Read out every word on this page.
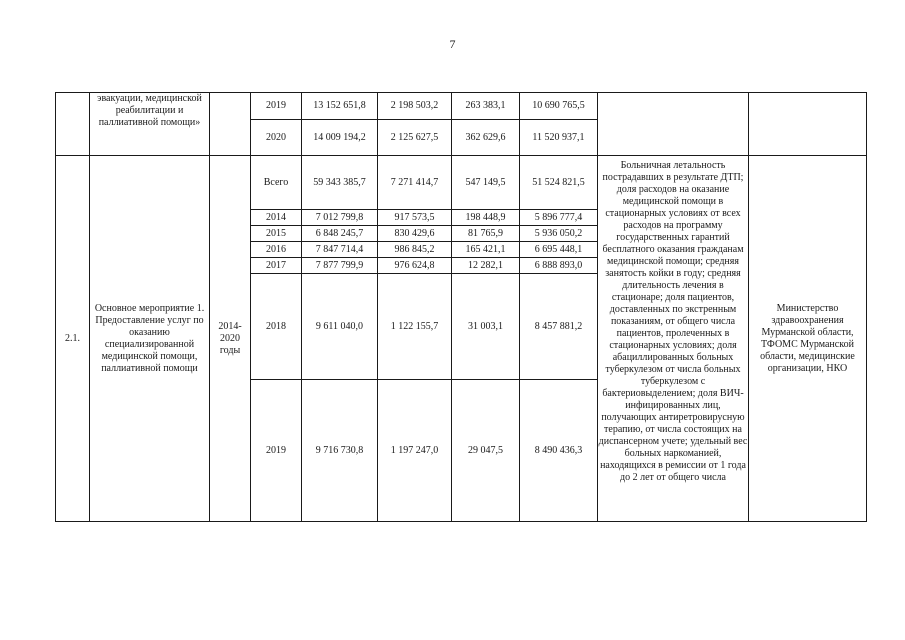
7
	эвакуации, медицинской реабилитации и паллиативной помощи»		2019	13 152 651,8	2 198 503,2	263 383,1	10 690 765,5		
			2020	14 009 194,2	2 125 627,5	362 629,6	11 520 937,1		
2.1.	Основное мероприятие 1. Предоставление услуг по оказанию специализированной медицинской помощи, паллиативной помощи	2014-2020 годы	Всего	59 343 385,7	7 271 414,7	547 149,5	51 524 821,5	Больничная летальность пострадавших в результате ДТП; доля расходов на оказание медицинской помощи в стационарных условиях от всех расходов на программу государственных гарантий бесплатного оказания гражданам медицинской помощи; средняя занятость койки в году; средняя длительность лечения в стационаре; доля пациентов, доставленных по экстренным показаниям, от общего числа пациентов, пролеченных в стационарных условиях; доля абациллированных больных туберкулезом от числа больных туберкулезом с бактериовыделением; доля ВИЧ-инфицированных лиц, получающих антиретровирусную терапию, от числа состоящих на диспансерном учете; удельный вес больных наркоманией, находящихся в ремиссии от 1 года до 2 лет от общего числа	Министерство здравоохранения Мурманской области, ТФОМС Мурманской области, медицинские организации, НКО
			2014	7 012 799,8	917 573,5	198 448,9	5 896 777,4		
			2015	6 848 245,7	830 429,6	81 765,9	5 936 050,2		
			2016	7 847 714,4	986 845,2	165 421,1	6 695 448,1		
			2017	7 877 799,9	976 624,8	12 282,1	6 888 893,0		
			2018	9 611 040,0	1 122 155,7	31 003,1	8 457 881,2		
			2019	9 716 730,8	1 197 247,0	29 047,5	8 490 436,3		
